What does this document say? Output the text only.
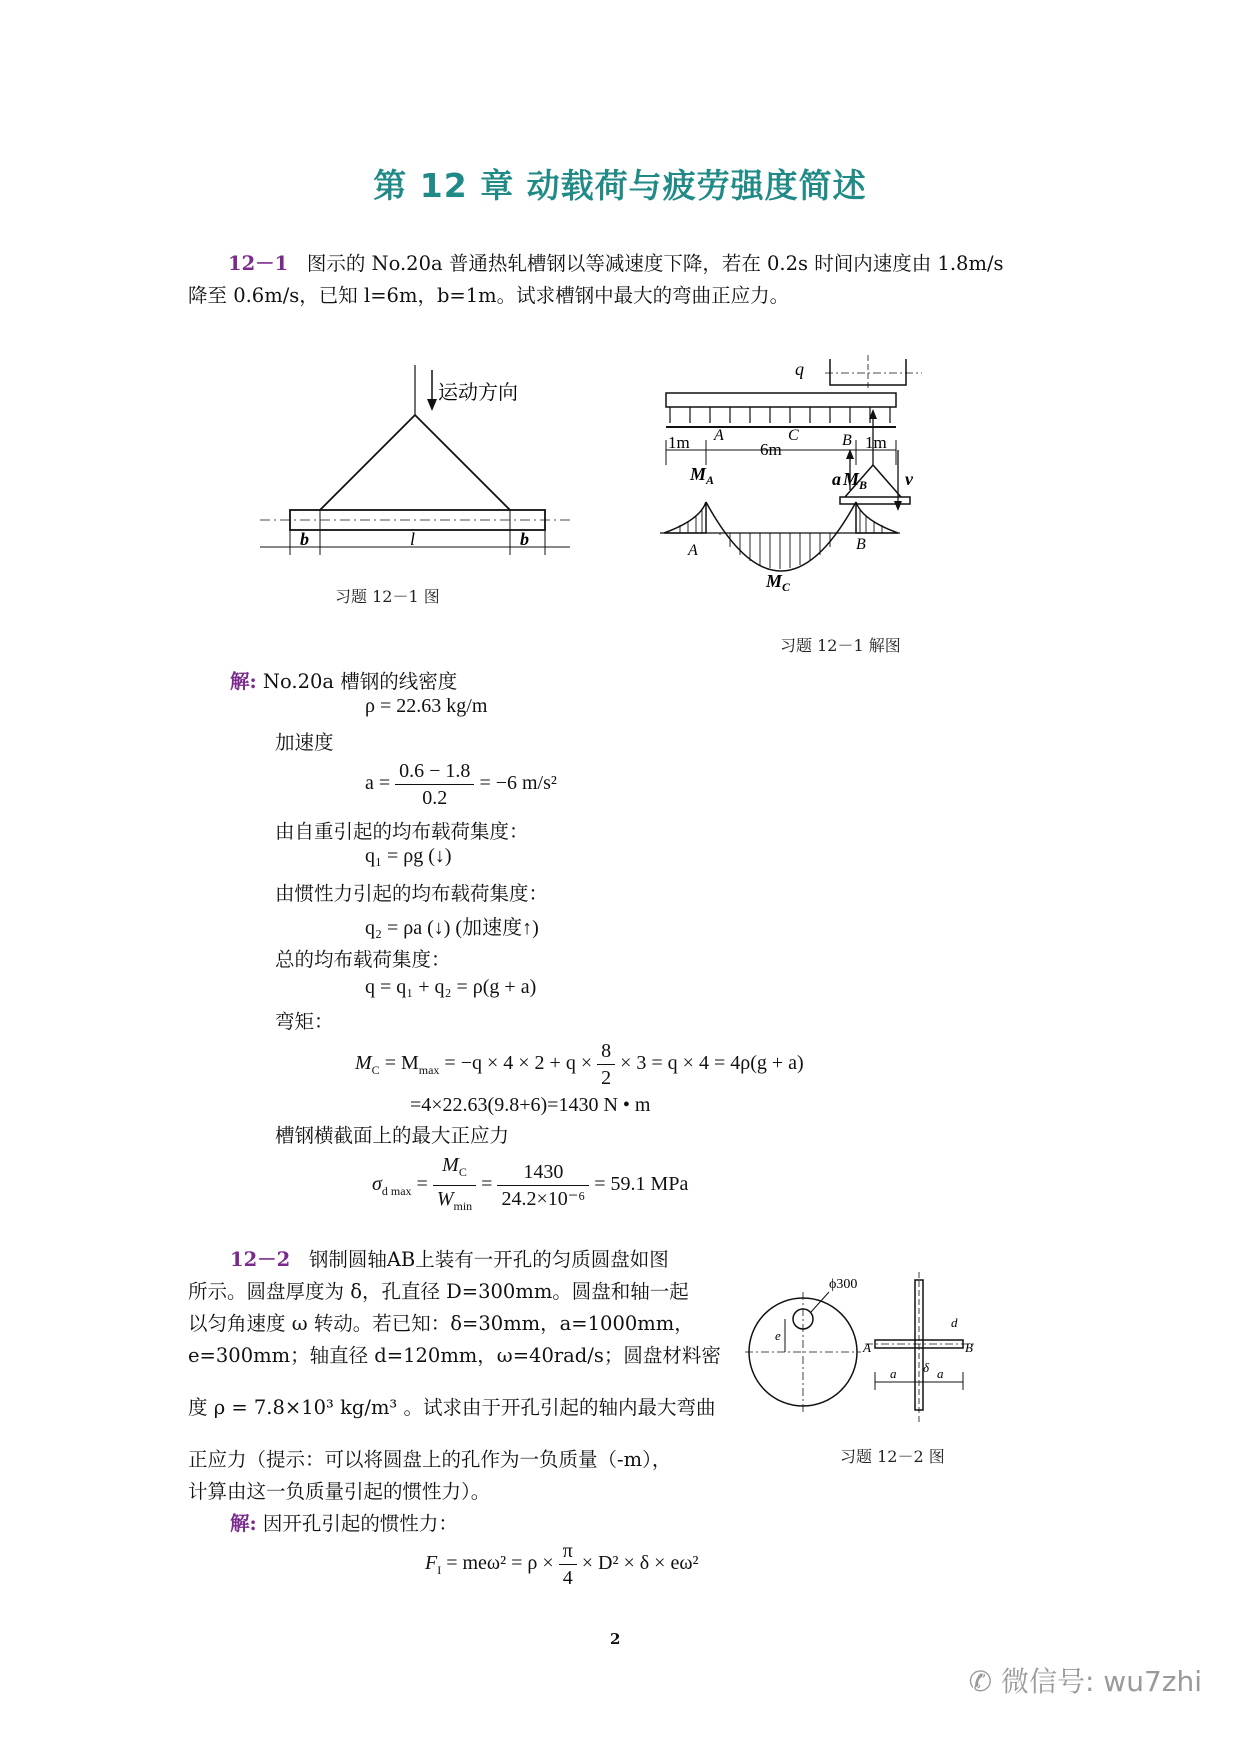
第 12 章 动载荷与疲劳强度简述
12－1 图示的 No.20a 普通热轧槽钢以等减速度下降，若在 0.2s 时间内速度由 1.8m/s
降至 0.6m/s，已知 l=6m，b=1m。试求槽钢中最大的弯曲正应力。
运动方向
b	l	b
习题 12－1 图
q
A	C	B
1m	6m	1m
$M_A$	$M_B$
A	B
$M_C$
a	v
习题 12－1 解图
解: No.20a 槽钢的线密度
ρ = 22.63 kg/m
加速度
$a = \frac{0.6 - 1.8}{0.2} = -6$ m/s²
由自重引起的均布载荷集度：
q₁ = ρg (↓)
由惯性力引起的均布载荷集度：
q₂ = ρa (↓) (加速度↑)
总的均布载荷集度：
q = q₁ + q₂ = ρ(g + a)
弯矩：
$M_C = M_{max} = -q \times 4 \times 2 + q \times \frac{8}{2} \times 3 = q \times 4 = 4\rho(g + a)$
=4×22.63(9.8+6)=1430 N • m
槽钢横截面上的最大正应力
$\sigma_{d max} = \frac{M_C}{W_{min}} = \frac{1430}{\text{24.2×10⁻⁶}} = 59.1$ MPa
12－2 钢制圆轴AB上装有一开孔的匀质圆盘如图
所示。圆盘厚度为 δ，孔直径 D=300mm。圆盘和轴一起
以匀角速度 ω 转动。若已知：δ=30mm，a=1000mm，
e=300mm；轴直径 d=120mm，ω=40rad/s；圆盘材料密
度 ρ = 7.8×10³ kg/m³ 。试求由于开孔引起的轴内最大弯曲
正应力（提示：可以将圆盘上的孔作为一负质量（-m），
计算由这一负质量引起的惯性力）。
e
ϕ300
A	B
d
δ
a	a
习题 12－2 图
解: 因开孔引起的惯性力：
$F_I = me\omega^2 = \rho \times \frac{\pi}{4} \times D^2 \times \delta \times e\omega^2$
2
✆ 微信号: wu7zhi
